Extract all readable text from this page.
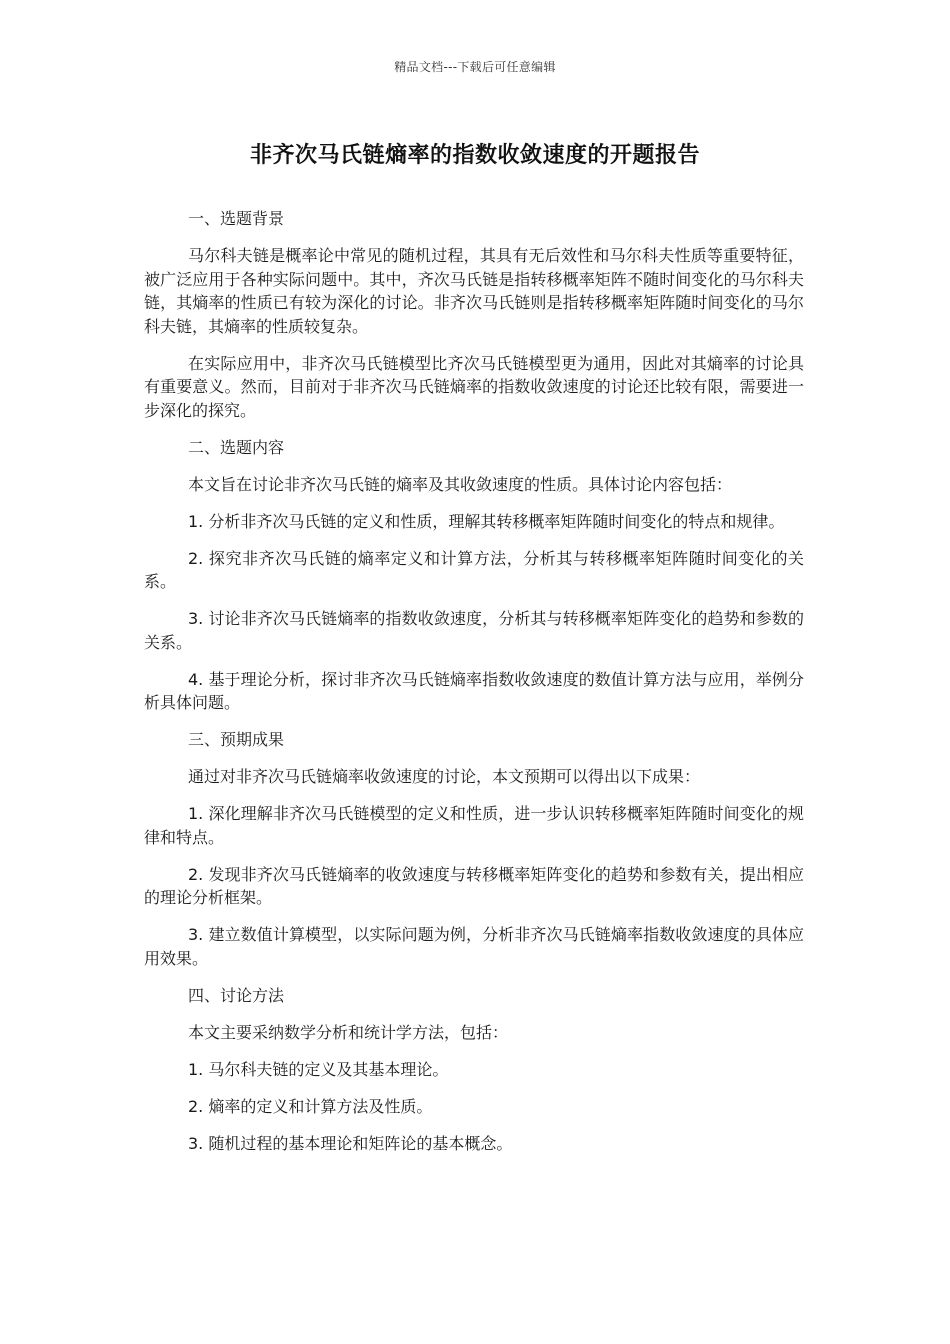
精品文档---下载后可任意编辑
非齐次马氏链熵率的指数收敛速度的开题报告

一、选题背景

马尔科夫链是概率论中常见的随机过程，其具有无后效性和马尔科夫性质等重要特征，被广泛应用于各种实际问题中。其中，齐次马氏链是指转移概率矩阵不随时间变化的马尔科夫链，其熵率的性质已有较为深化的讨论。非齐次马氏链则是指转移概率矩阵随时间变化的马尔科夫链，其熵率的性质较复杂。

在实际应用中，非齐次马氏链模型比齐次马氏链模型更为通用，因此对其熵率的讨论具有重要意义。然而，目前对于非齐次马氏链熵率的指数收敛速度的讨论还比较有限，需要进一步深化的探究。

二、选题内容

本文旨在讨论非齐次马氏链的熵率及其收敛速度的性质。具体讨论内容包括：

1. 分析非齐次马氏链的定义和性质，理解其转移概率矩阵随时间变化的特点和规律。

2. 探究非齐次马氏链的熵率定义和计算方法，分析其与转移概率矩阵随时间变化的关系。

3. 讨论非齐次马氏链熵率的指数收敛速度，分析其与转移概率矩阵变化的趋势和参数的关系。

4. 基于理论分析，探讨非齐次马氏链熵率指数收敛速度的数值计算方法与应用，举例分析具体问题。

三、预期成果

通过对非齐次马氏链熵率收敛速度的讨论，本文预期可以得出以下成果：

1. 深化理解非齐次马氏链模型的定义和性质，进一步认识转移概率矩阵随时间变化的规律和特点。

2. 发现非齐次马氏链熵率的收敛速度与转移概率矩阵变化的趋势和参数有关，提出相应的理论分析框架。

3. 建立数值计算模型，以实际问题为例，分析非齐次马氏链熵率指数收敛速度的具体应用效果。

四、讨论方法

本文主要采纳数学分析和统计学方法，包括：

1. 马尔科夫链的定义及其基本理论。

2. 熵率的定义和计算方法及性质。

3. 随机过程的基本理论和矩阵论的基本概念。
